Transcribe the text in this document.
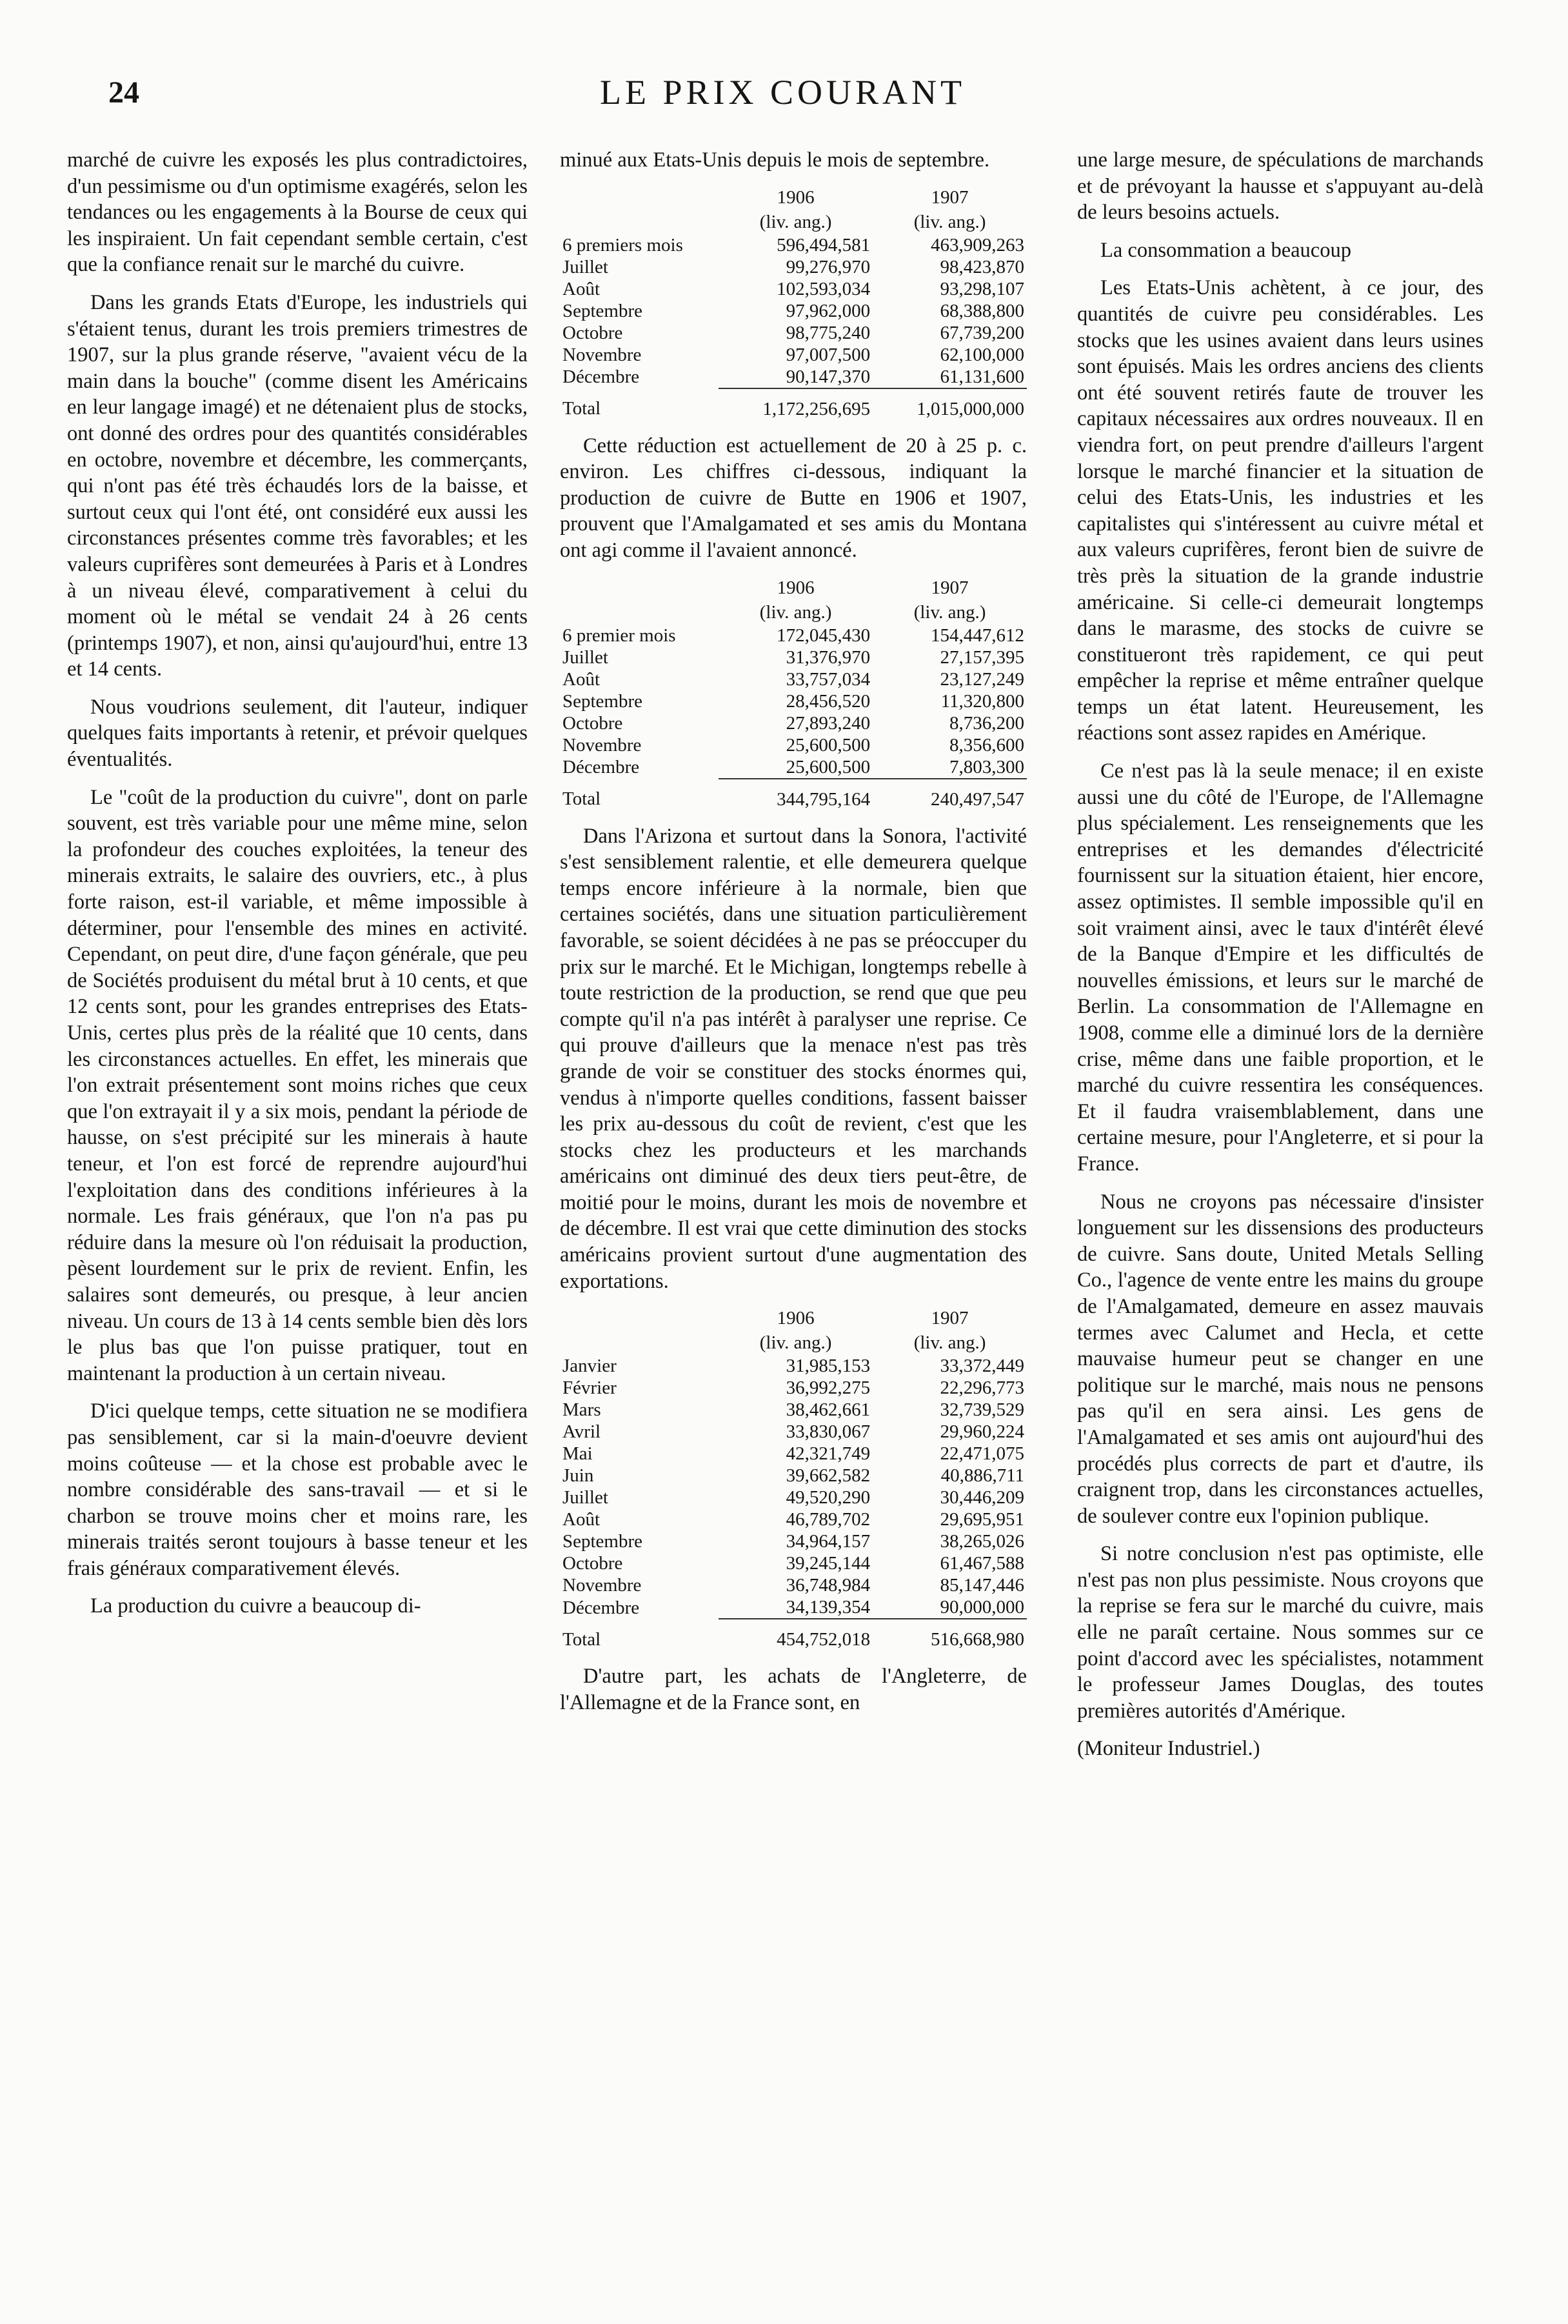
24	LE PRIX COURANT

marché de cuivre les exposés les plus contradictoires, d'un pessimisme ou d'un optimisme exagérés, selon les tendances ou les engagements à la Bourse de ceux qui les inspiraient. Un fait cependant semble certain, c'est que la confiance renait sur le marché du cuivre.

Dans les grands Etats d'Europe, les industriels qui s'étaient tenus, durant les trois premiers trimestres de 1907, sur la plus grande réserve, "avaient vécu de la main dans la bouche" (comme disent les Américains en leur langage imagé) et ne détenaient plus de stocks, ont donné des ordres pour des quantités considérables en octobre, novembre et décembre, les commerçants, qui n'ont pas été très échaudés lors de la baisse, et surtout ceux qui l'ont été, ont considéré eux aussi les circonstances présentes comme très favorables; et les valeurs cuprifères sont demeurées à Paris et à Londres à un niveau élevé, comparativement à celui du moment où le métal se vendait 24 à 26 cents (printemps 1907), et non, ainsi qu'aujourd'hui, entre 13 et 14 cents.

Nous voudrions seulement, dit l'auteur, indiquer quelques faits importants à retenir, et prévoir quelques éventualités.

Le "coût de la production du cuivre", dont on parle souvent, est très variable pour une même mine, selon la profondeur des couches exploitées, la teneur des minerais extraits, le salaire des ouvriers, etc., à plus forte raison, est-il variable, et même impossible à déterminer, pour l'ensemble des mines en activité. Cependant, on peut dire, d'une façon générale, que peu de Sociétés produisent du métal brut à 10 cents, et que 12 cents sont, pour les grandes entreprises des Etats-Unis, certes plus près de la réalité que 10 cents, dans les circonstances actuelles. En effet, les minerais que l'on extrait présentement sont moins riches que ceux que l'on extrayait il y a six mois, pendant la période de hausse, on s'est précipité sur les minerais à haute teneur, et l'on est forcé de reprendre aujourd'hui l'exploitation dans des conditions inférieures à la normale. Les frais généraux, que l'on n'a pas pu réduire dans la mesure où l'on réduisait la production, pèsent lourdement sur le prix de revient. Enfin, les salaires sont demeurés, ou presque, à leur ancien niveau. Un cours de 13 à 14 cents semble bien dès lors le plus bas que l'on puisse pratiquer, tout en maintenant la production à un certain niveau.

D'ici quelque temps, cette situation ne se modifiera pas sensiblement, car si la main-d'oeuvre devient moins coûteuse — et la chose est probable avec le nombre considérable des sans-travail — et si le charbon se trouve moins cher et moins rare, les minerais traités seront toujours à basse teneur et les frais généraux comparativement élevés.

La production du cuivre a beaucoup di-

minué aux Etats-Unis depuis le mois de septembre.

	1906	1907
	(liv. ang.)	(liv. ang.)
6 premiers mois	596,494,581	463,909,263
Juillet	99,276,970	98,423,870
Août	102,593,034	93,298,107
Septembre	97,962,000	68,388,800
Octobre	98,775,240	67,739,200
Novembre	97,007,500	62,100,000
Décembre	90,147,370	61,131,600
Total	1,172,256,695	1,015,000,000

Cette réduction est actuellement de 20 à 25 p. c. environ. Les chiffres ci-dessous, indiquant la production de cuivre de Butte en 1906 et 1907, prouvent que l'Amalgamated et ses amis du Montana ont agi comme il l'avaient annoncé.

	1906	1907
	(liv. ang.)	(liv. ang.)
6 premier mois	172,045,430	154,447,612
Juillet	31,376,970	27,157,395
Août	33,757,034	23,127,249
Septembre	28,456,520	11,320,800
Octobre	27,893,240	8,736,200
Novembre	25,600,500	8,356,600
Décembre	25,600,500	7,803,300
Total	344,795,164	240,497,547

Dans l'Arizona et surtout dans la Sonora, l'activité s'est sensiblement ralentie, et elle demeurera quelque temps encore inférieure à la normale, bien que certaines sociétés, dans une situation particulièrement favorable, se soient décidées à ne pas se préoccuper du prix sur le marché. Et le Michigan, longtemps rebelle à toute restriction de la production, se rend que que peu compte qu'il n'a pas intérêt à paralyser une reprise. Ce qui prouve d'ailleurs que la menace n'est pas très grande de voir se constituer des stocks énormes qui, vendus à n'importe quelles conditions, fassent baisser les prix au-dessous du coût de revient, c'est que les stocks chez les producteurs et les marchands américains ont diminué des deux tiers peut-être, de moitié pour le moins, durant les mois de novembre et de décembre. Il est vrai que cette diminution des stocks américains provient surtout d'une augmentation des exportations.

	1906	1907
	(liv. ang.)	(liv. ang.)
Janvier	31,985,153	33,372,449
Février	36,992,275	22,296,773
Mars	38,462,661	32,739,529
Avril	33,830,067	29,960,224
Mai	42,321,749	22,471,075
Juin	39,662,582	40,886,711
Juillet	49,520,290	30,446,209
Août	46,789,702	29,695,951
Septembre	34,964,157	38,265,026
Octobre	39,245,144	61,467,588
Novembre	36,748,984	85,147,446
Décembre	34,139,354	90,000,000
Total	454,752,018	516,668,980

D'autre part, les achats de l'Angleterre, de l'Allemagne et de la France sont, en

une large mesure, de spéculations de marchands et de prévoyant la hausse et s'appuyant au-delà de leurs besoins actuels.

La consommation a beaucoup

Les Etats-Unis achètent, à ce jour, des quantités de cuivre peu considérables. Les stocks que les usines avaient dans leurs usines sont épuisés. Mais les ordres anciens des clients ont été souvent retirés faute de trouver les capitaux nécessaires aux ordres nouveaux. Il en viendra fort, on peut prendre d'ailleurs l'argent lorsque le marché financier et la situation de celui des Etats-Unis, les industries et les capitalistes qui s'intéressent au cuivre métal et aux valeurs cuprifères, feront bien de suivre de très près la situation de la grande industrie américaine. Si celle-ci demeurait longtemps dans le marasme, des stocks de cuivre se constitueront très rapidement, ce qui peut empêcher la reprise et même entraîner quelque temps un état latent. Heureusement, les réactions sont assez rapides en Amérique.

Ce n'est pas là la seule menace; il en existe aussi une du côté de l'Europe, de l'Allemagne plus spécialement. Les renseignements que les entreprises et les demandes d'électricité fournissent sur la situation étaient, hier encore, assez optimistes. Il semble impossible qu'il en soit vraiment ainsi, avec le taux d'intérêt élevé de la Banque d'Empire et les difficultés de nouvelles émissions, et leurs sur le marché de Berlin. La consommation de l'Allemagne en 1908, comme elle a diminué lors de la dernière crise, même dans une faible proportion, et le marché du cuivre ressentira les conséquences. Et il faudra vraisemblablement, dans une certaine mesure, pour l'Angleterre, et si pour la France.

Nous ne croyons pas nécessaire d'insister longuement sur les dissensions des producteurs de cuivre. Sans doute, United Metals Selling Co., l'agence de vente entre les mains du groupe de l'Amalgamated, demeure en assez mauvais termes avec Calumet and Hecla, et cette mauvaise humeur peut se changer en une politique sur le marché, mais nous ne pensons pas qu'il en sera ainsi. Les gens de l'Amalgamated et ses amis ont aujourd'hui des procédés plus corrects de part et d'autre, ils craignent trop, dans les circonstances actuelles, de soulever contre eux l'opinion publique.

Si notre conclusion n'est pas optimiste, elle n'est pas non plus pessimiste. Nous croyons que la reprise se fera sur le marché du cuivre, mais elle ne paraît certaine. Nous sommes sur ce point d'accord avec les spécialistes, notamment le professeur James Douglas, des toutes premières autorités d'Amérique.

(Moniteur Industriel.)
